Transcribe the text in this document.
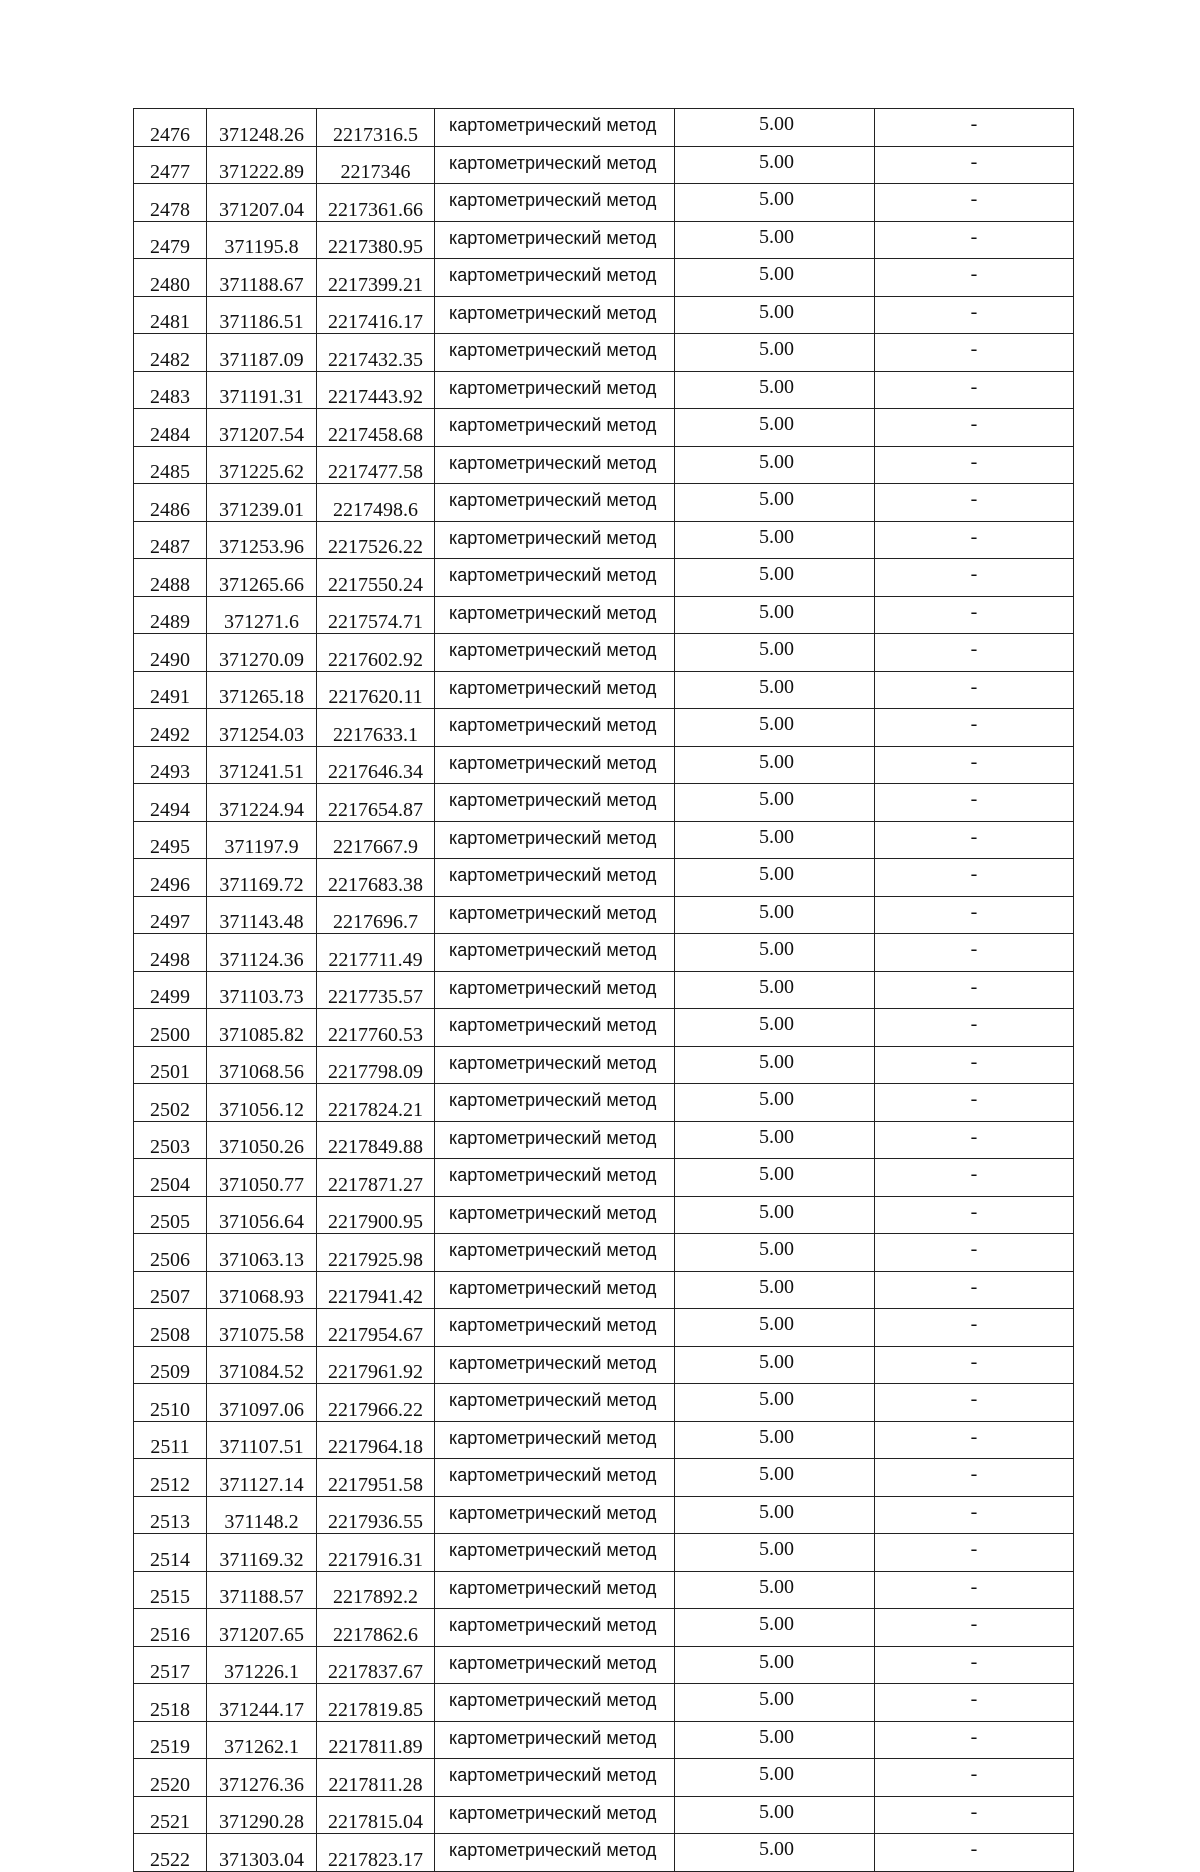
2476	371248.26	2217316.5	картометрический метод	5.00	-
2477	371222.89	2217346	картометрический метод	5.00	-
2478	371207.04	2217361.66	картометрический метод	5.00	-
2479	371195.8	2217380.95	картометрический метод	5.00	-
2480	371188.67	2217399.21	картометрический метод	5.00	-
2481	371186.51	2217416.17	картометрический метод	5.00	-
2482	371187.09	2217432.35	картометрический метод	5.00	-
2483	371191.31	2217443.92	картометрический метод	5.00	-
2484	371207.54	2217458.68	картометрический метод	5.00	-
2485	371225.62	2217477.58	картометрический метод	5.00	-
2486	371239.01	2217498.6	картометрический метод	5.00	-
2487	371253.96	2217526.22	картометрический метод	5.00	-
2488	371265.66	2217550.24	картометрический метод	5.00	-
2489	371271.6	2217574.71	картометрический метод	5.00	-
2490	371270.09	2217602.92	картометрический метод	5.00	-
2491	371265.18	2217620.11	картометрический метод	5.00	-
2492	371254.03	2217633.1	картометрический метод	5.00	-
2493	371241.51	2217646.34	картометрический метод	5.00	-
2494	371224.94	2217654.87	картометрический метод	5.00	-
2495	371197.9	2217667.9	картометрический метод	5.00	-
2496	371169.72	2217683.38	картометрический метод	5.00	-
2497	371143.48	2217696.7	картометрический метод	5.00	-
2498	371124.36	2217711.49	картометрический метод	5.00	-
2499	371103.73	2217735.57	картометрический метод	5.00	-
2500	371085.82	2217760.53	картометрический метод	5.00	-
2501	371068.56	2217798.09	картометрический метод	5.00	-
2502	371056.12	2217824.21	картометрический метод	5.00	-
2503	371050.26	2217849.88	картометрический метод	5.00	-
2504	371050.77	2217871.27	картометрический метод	5.00	-
2505	371056.64	2217900.95	картометрический метод	5.00	-
2506	371063.13	2217925.98	картометрический метод	5.00	-
2507	371068.93	2217941.42	картометрический метод	5.00	-
2508	371075.58	2217954.67	картометрический метод	5.00	-
2509	371084.52	2217961.92	картометрический метод	5.00	-
2510	371097.06	2217966.22	картометрический метод	5.00	-
2511	371107.51	2217964.18	картометрический метод	5.00	-
2512	371127.14	2217951.58	картометрический метод	5.00	-
2513	371148.2	2217936.55	картометрический метод	5.00	-
2514	371169.32	2217916.31	картометрический метод	5.00	-
2515	371188.57	2217892.2	картометрический метод	5.00	-
2516	371207.65	2217862.6	картометрический метод	5.00	-
2517	371226.1	2217837.67	картометрический метод	5.00	-
2518	371244.17	2217819.85	картометрический метод	5.00	-
2519	371262.1	2217811.89	картометрический метод	5.00	-
2520	371276.36	2217811.28	картометрический метод	5.00	-
2521	371290.28	2217815.04	картометрический метод	5.00	-
2522	371303.04	2217823.17	картометрический метод	5.00	-
